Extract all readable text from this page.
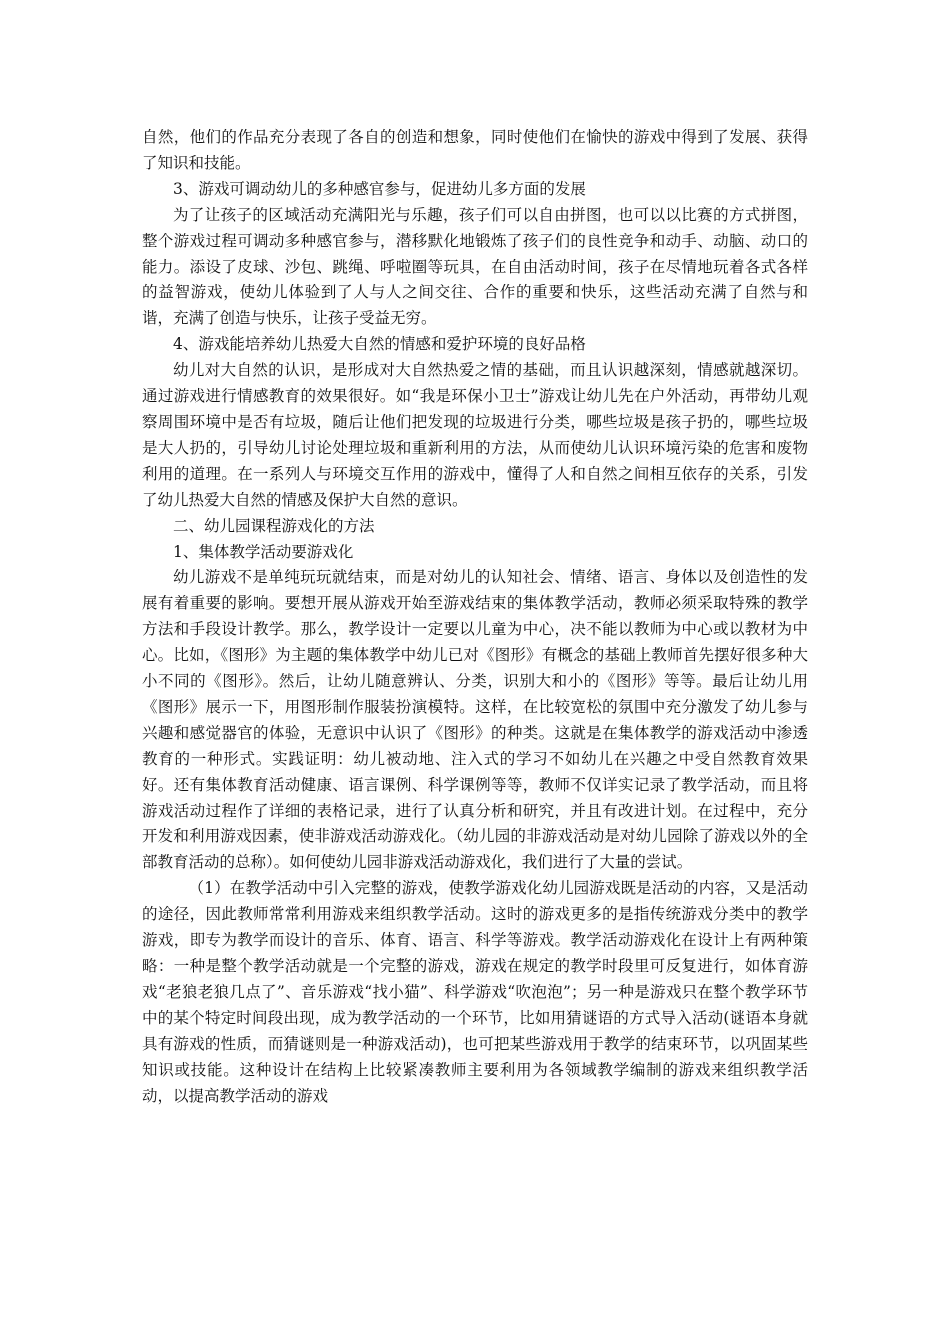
自然，他们的作品充分表现了各自的创造和想象，同时使他们在愉快的游戏中得到了发展、获得了知识和技能。

3、游戏可调动幼儿的多种感官参与，促进幼儿多方面的发展

为了让孩子的区域活动充满阳光与乐趣，孩子们可以自由拼图，也可以以比赛的方式拼图，整个游戏过程可调动多种感官参与，潜移默化地锻炼了孩子们的良性竞争和动手、动脑、动口的能力。添设了皮球、沙包、跳绳、呼啦圈等玩具，在自由活动时间，孩子在尽情地玩着各式各样的益智游戏，使幼儿体验到了人与人之间交往、合作的重要和快乐，这些活动充满了自然与和谐，充满了创造与快乐，让孩子受益无穷。

4、游戏能培养幼儿热爱大自然的情感和爱护环境的良好品格

幼儿对大自然的认识，是形成对大自然热爱之情的基础，而且认识越深刻，情感就越深切。通过游戏进行情感教育的效果很好。如“我是环保小卫士”游戏让幼儿先在户外活动，再带幼儿观察周围环境中是否有垃圾，随后让他们把发现的垃圾进行分类，哪些垃圾是孩子扔的，哪些垃圾是大人扔的，引导幼儿讨论处理垃圾和重新利用的方法，从而使幼儿认识环境污染的危害和废物利用的道理。在一系列人与环境交互作用的游戏中，懂得了人和自然之间相互依存的关系，引发了幼儿热爱大自然的情感及保护大自然的意识。

二、幼儿园课程游戏化的方法

1、集体教学活动要游戏化

幼儿游戏不是单纯玩玩就结束，而是对幼儿的认知社会、情绪、语言、身体以及创造性的发展有着重要的影响。要想开展从游戏开始至游戏结束的集体教学活动，教师必须采取特殊的教学方法和手段设计教学。那么，教学设计一定要以儿童为中心，决不能以教师为中心或以教材为中心。比如，《图形》为主题的集体教学中幼儿已对《图形》有概念的基础上教师首先摆好很多种大小不同的《图形》。然后，让幼儿随意辨认、分类，识别大和小的《图形》等等。最后让幼儿用《图形》展示一下，用图形制作服装扮演模特。这样，在比较宽松的氛围中充分激发了幼儿参与兴趣和感觉器官的体验，无意识中认识了《图形》的种类。这就是在集体教学的游戏活动中渗透教育的一种形式。实践证明：幼儿被动地、注入式的学习不如幼儿在兴趣之中受自然教育效果好。还有集体教育活动健康、语言课例、科学课例等等，教师不仅详实记录了教学活动，而且将游戏活动过程作了详细的表格记录，进行了认真分析和研究，并且有改进计划。在过程中，充分开发和利用游戏因素，使非游戏活动游戏化。（幼儿园的非游戏活动是对幼儿园除了游戏以外的全部教育活动的总称）。如何使幼儿园非游戏活动游戏化，我们进行了大量的尝试。

（1）在教学活动中引入完整的游戏，使教学游戏化幼儿园游戏既是活动的内容，又是活动的途径，因此教师常常利用游戏来组织教学活动。这时的游戏更多的是指传统游戏分类中的教学游戏，即专为教学而设计的音乐、体育、语言、科学等游戏。教学活动游戏化在设计上有两种策略：一种是整个教学活动就是一个完整的游戏，游戏在规定的教学时段里可反复进行，如体育游戏“老狼老狼几点了”、音乐游戏“找小猫”、科学游戏“吹泡泡”；另一种是游戏只在整个教学环节中的某个特定时间段出现，成为教学活动的一个环节，比如用猜谜语的方式导入活动(谜语本身就具有游戏的性质，而猜谜则是一种游戏活动)，也可把某些游戏用于教学的结束环节，以巩固某些知识或技能。这种设计在结构上比较紧凑教师主要利用为各领域教学编制的游戏来组织教学活动，以提高教学活动的游戏
